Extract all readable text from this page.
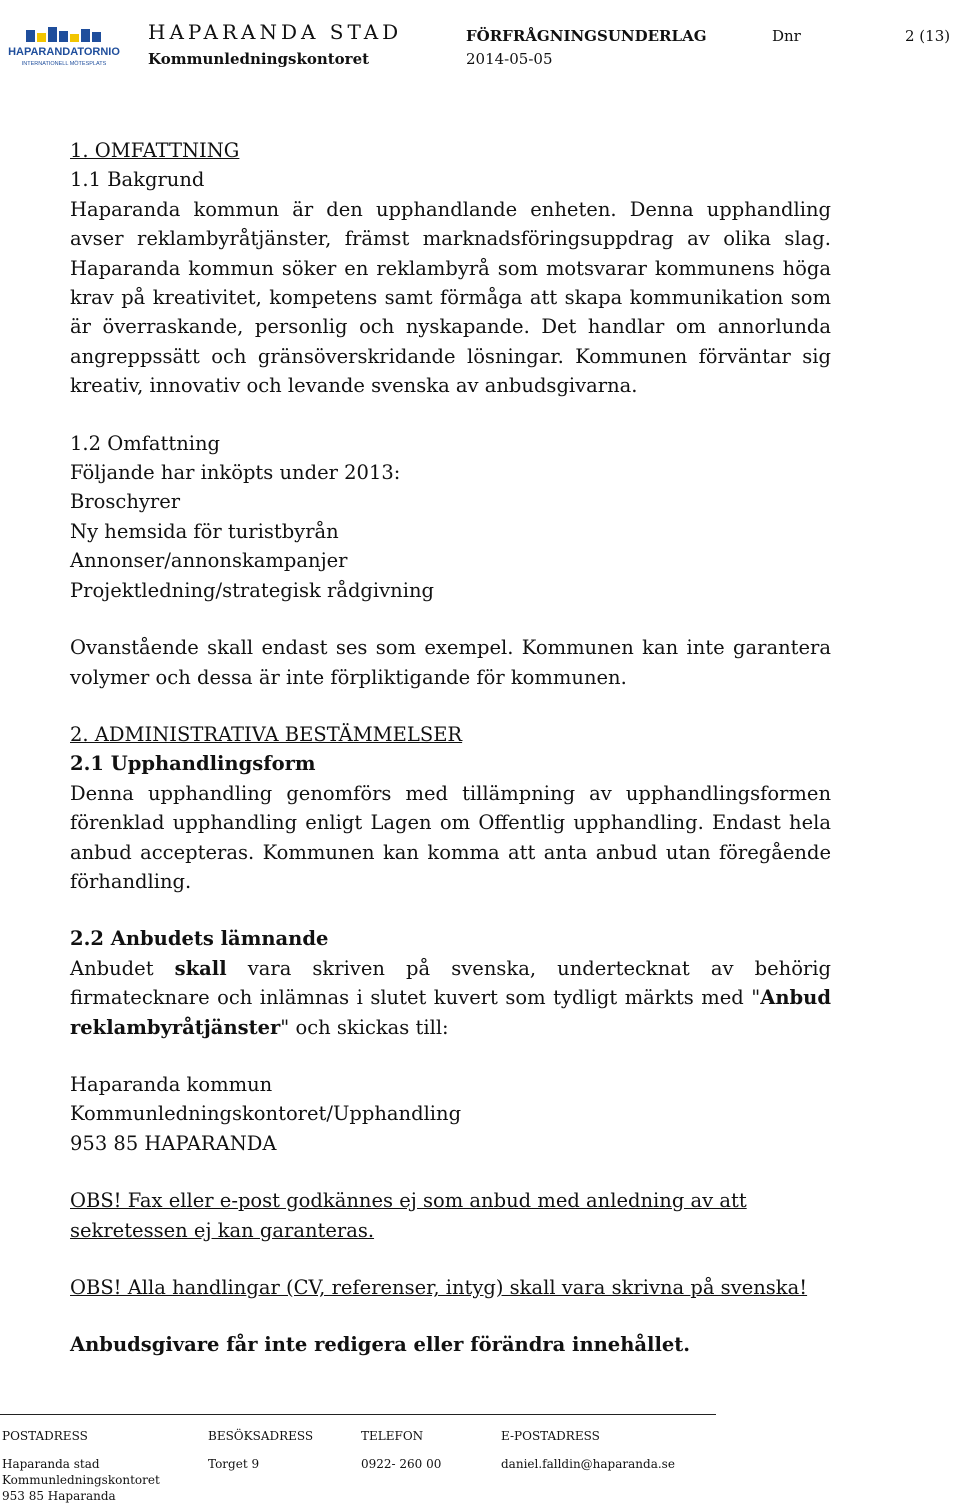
HAPARANDATORNIO
INTERNATIONELL MÖTESPLATS
HAPARANDA STAD
Kommunledningskontoret
FÖRFRÅGNINGSUNDERLAG
2014-05-05
Dnr	2 (13)

1. OMFATTNING

1.1 Bakgrund

Haparanda kommun är den upphandlande enheten. Denna upphandling avser reklambyråtjänster, främst marknadsföringsuppdrag av olika slag. Haparanda kommun söker en reklambyrå som motsvarar kommunens höga krav på kreativitet, kompetens samt förmåga att skapa kommunikation som är överraskande, personlig och nyskapande. Det handlar om annorlunda angreppssätt och gränsöverskridande lösningar. Kommunen förväntar sig kreativ, innovativ och levande svenska av anbudsgivarna.

1.2 Omfattning

Följande har inköpts under 2013:

Broschyrer

Ny hemsida för turistbyrån

Annonser/annonskampanjer

Projektledning/strategisk rådgivning

Ovanstående skall endast ses som exempel. Kommunen kan inte garantera volymer och dessa är inte förpliktigande för kommunen.

2. ADMINISTRATIVA BESTÄMMELSER

2.1 Upphandlingsform

Denna upphandling genomförs med tillämpning av upphandlingsformen förenklad upphandling enligt Lagen om Offentlig upphandling. Endast hela anbud accepteras. Kommunen kan komma att anta anbud utan föregående förhandling.

2.2 Anbudets lämnande

Anbudet skall vara skriven på svenska, undertecknat av behörig firmatecknare och inlämnas i slutet kuvert som tydligt märkts med "Anbud reklambyråtjänster" och skickas till:

Haparanda kommun

Kommunledningskontoret/Upphandling

953 85 HAPARANDA

OBS! Fax eller e-post godkännes ej som anbud med anledning av att sekretessen ej kan garanteras.

OBS! Alla handlingar (CV, referenser, intyg) skall vara skrivna på svenska!

Anbudsgivare får inte redigera eller förändra innehållet.

POSTADRESS
Haparanda stad
Kommunledningskontoret
953 85 Haparanda
BESÖKSADRESS
Torget 9
TELEFON
0922- 260 00
E-POSTADRESS
daniel.falldin@haparanda.se
